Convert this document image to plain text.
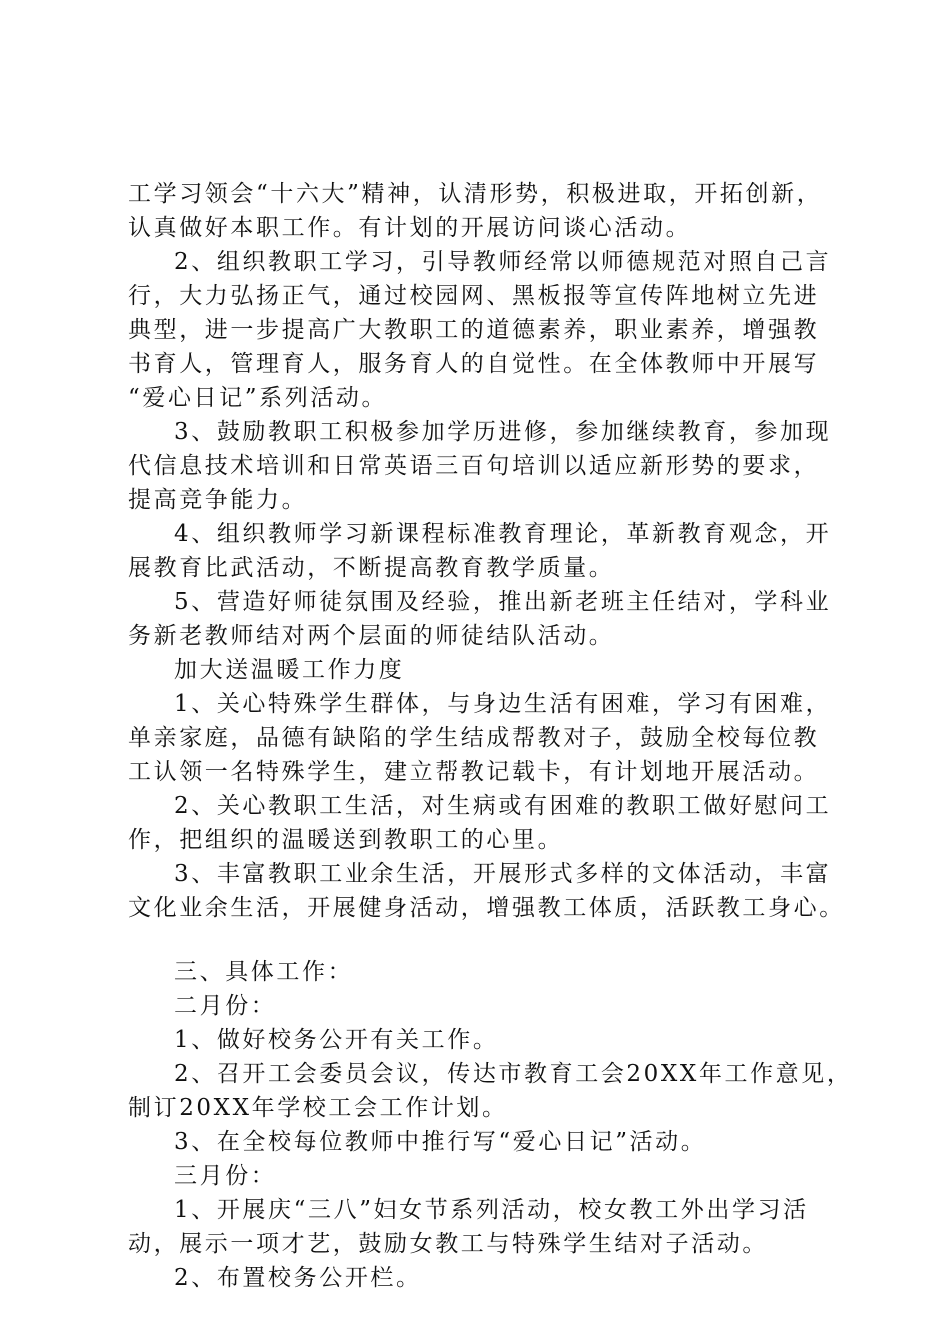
工学习领会“十六大”精神，认清形势，积极进取，开拓创新，
认真做好本职工作。有计划的开展访问谈心活动。
2、组织教职工学习，引导教师经常以师德规范对照自己言
行，大力弘扬正气，通过校园网、黑板报等宣传阵地树立先进
典型，进一步提高广大教职工的道德素养，职业素养，增强教
书育人，管理育人，服务育人的自觉性。在全体教师中开展写
“爱心日记”系列活动。
3、鼓励教职工积极参加学历进修，参加继续教育，参加现
代信息技术培训和日常英语三百句培训以适应新形势的要求，
提高竞争能力。
4、组织教师学习新课程标准教育理论，革新教育观念，开
展教育比武活动，不断提高教育教学质量。
5、营造好师徒氛围及经验，推出新老班主任结对，学科业
务新老教师结对两个层面的师徒结队活动。
加大送温暖工作力度
1、关心特殊学生群体，与身边生活有困难，学习有困难，
单亲家庭，品德有缺陷的学生结成帮教对子，鼓励全校每位教
工认领一名特殊学生，建立帮教记载卡，有计划地开展活动。
2、关心教职工生活，对生病或有困难的教职工做好慰问工
作，把组织的温暖送到教职工的心里。
3、丰富教职工业余生活，开展形式多样的文体活动，丰富
文化业余生活，开展健身活动，增强教工体质，活跃教工身心。
三、具体工作：
二月份：
1、做好校务公开有关工作。
2、召开工会委员会议，传达市教育工会20XX年工作意见，
制订20XX年学校工会工作计划。
3、在全校每位教师中推行写“爱心日记”活动。
三月份：
1、开展庆“三八”妇女节系列活动，校女教工外出学习活
动，展示一项才艺，鼓励女教工与特殊学生结对子活动。
2、布置校务公开栏。
